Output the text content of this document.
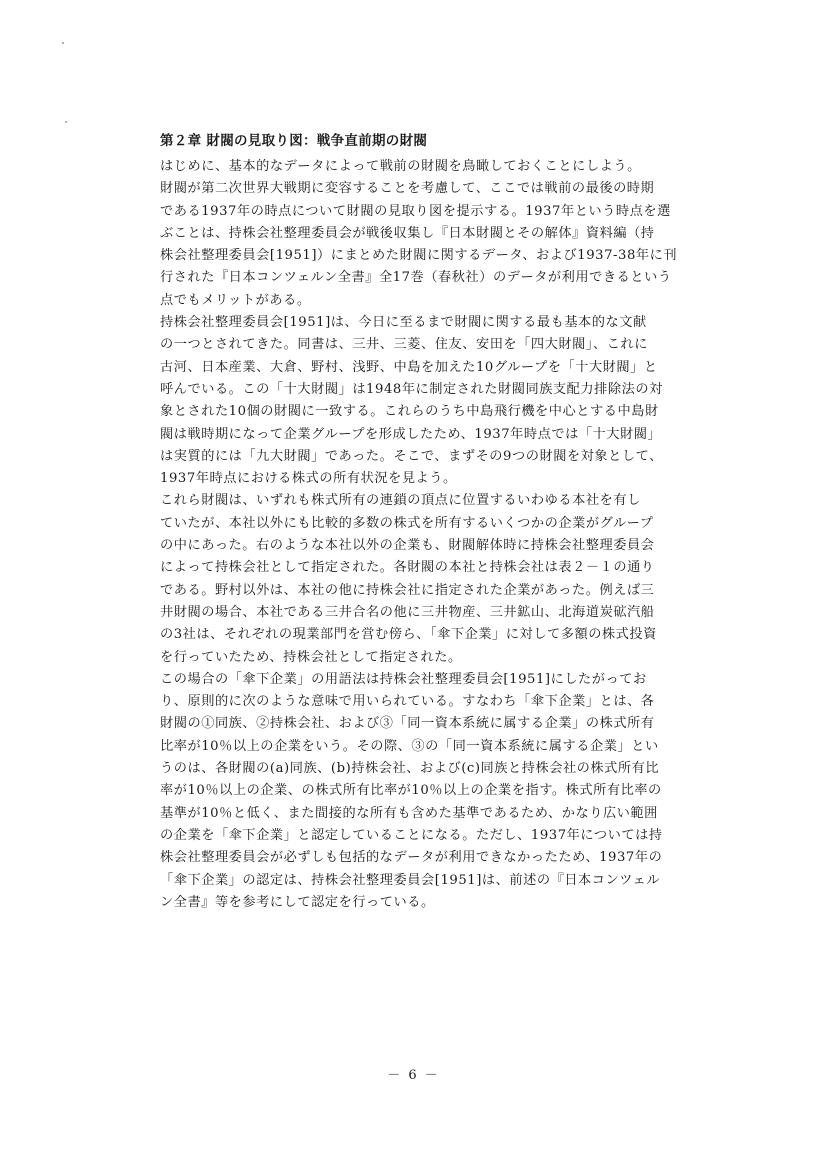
第２章 財閥の見取り図：戦争直前期の財閥
はじめに、基本的なデータによって戦前の財閥を鳥瞰しておくことにしよう。
財閥が第二次世界大戦期に変容することを考慮して、ここでは戦前の最後の時期
である1937年の時点について財閥の見取り図を提示する。1937年という時点を選
ぶことは、持株会社整理委員会が戦後収集し『日本財閥とその解体』資料編（持
株会社整理委員会[1951]）にまとめた財閥に関するデータ、および1937-38年に刊
行された『日本コンツェルン全書』全17巻（春秋社）のデータが利用できるという
点でもメリットがある。
持株会社整理委員会[1951]は、今日に至るまで財閥に関する最も基本的な文献
の一つとされてきた。同書は、三井、三菱、住友、安田を「四大財閥」、これに
古河、日本産業、大倉、野村、浅野、中島を加えた10グループを「十大財閥」と
呼んでいる。この「十大財閥」は1948年に制定された財閥同族支配力排除法の対
象とされた10個の財閥に一致する。これらのうち中島飛行機を中心とする中島財
閥は戦時期になって企業グループを形成したため、1937年時点では「十大財閥」
は実質的には「九大財閥」であった。そこで、まずその9つの財閥を対象として、
1937年時点における株式の所有状況を見よう。
これら財閥は、いずれも株式所有の連鎖の頂点に位置するいわゆる本社を有し
ていたが、本社以外にも比較的多数の株式を所有するいくつかの企業がグループ
の中にあった。右のような本社以外の企業も、財閥解体時に持株会社整理委員会
によって持株会社として指定された。各財閥の本社と持株会社は表２－１の通り
である。野村以外は、本社の他に持株会社に指定された企業があった。例えば三
井財閥の場合、本社である三井合名の他に三井物産、三井鉱山、北海道炭砿汽船
の3社は、それぞれの現業部門を営む傍ら、「傘下企業」に対して多額の株式投資
を行っていたため、持株会社として指定された。
この場合の「傘下企業」の用語法は持株会社整理委員会[1951]にしたがってお
り、原則的に次のような意味で用いられている。すなわち「傘下企業」とは、各
財閥の①同族、②持株会社、および③「同一資本系統に属する企業」の株式所有
比率が10％以上の企業をいう。その際、③の「同一資本系統に属する企業」とい
うのは、各財閥の(a)同族、(b)持株会社、および(c)同族と持株会社の株式所有比
率が10％以上の企業、の株式所有比率が10％以上の企業を指す。株式所有比率の
基準が10％と低く、また間接的な所有も含めた基準であるため、かなり広い範囲
の企業を「傘下企業」と認定していることになる。ただし、1937年については持
株会社整理委員会が必ずしも包括的なデータが利用できなかったため、1937年の
「傘下企業」の認定は、持株会社整理委員会[1951]は、前述の『日本コンツェル
ン全書』等を参考にして認定を行っている。
－ 6 －
